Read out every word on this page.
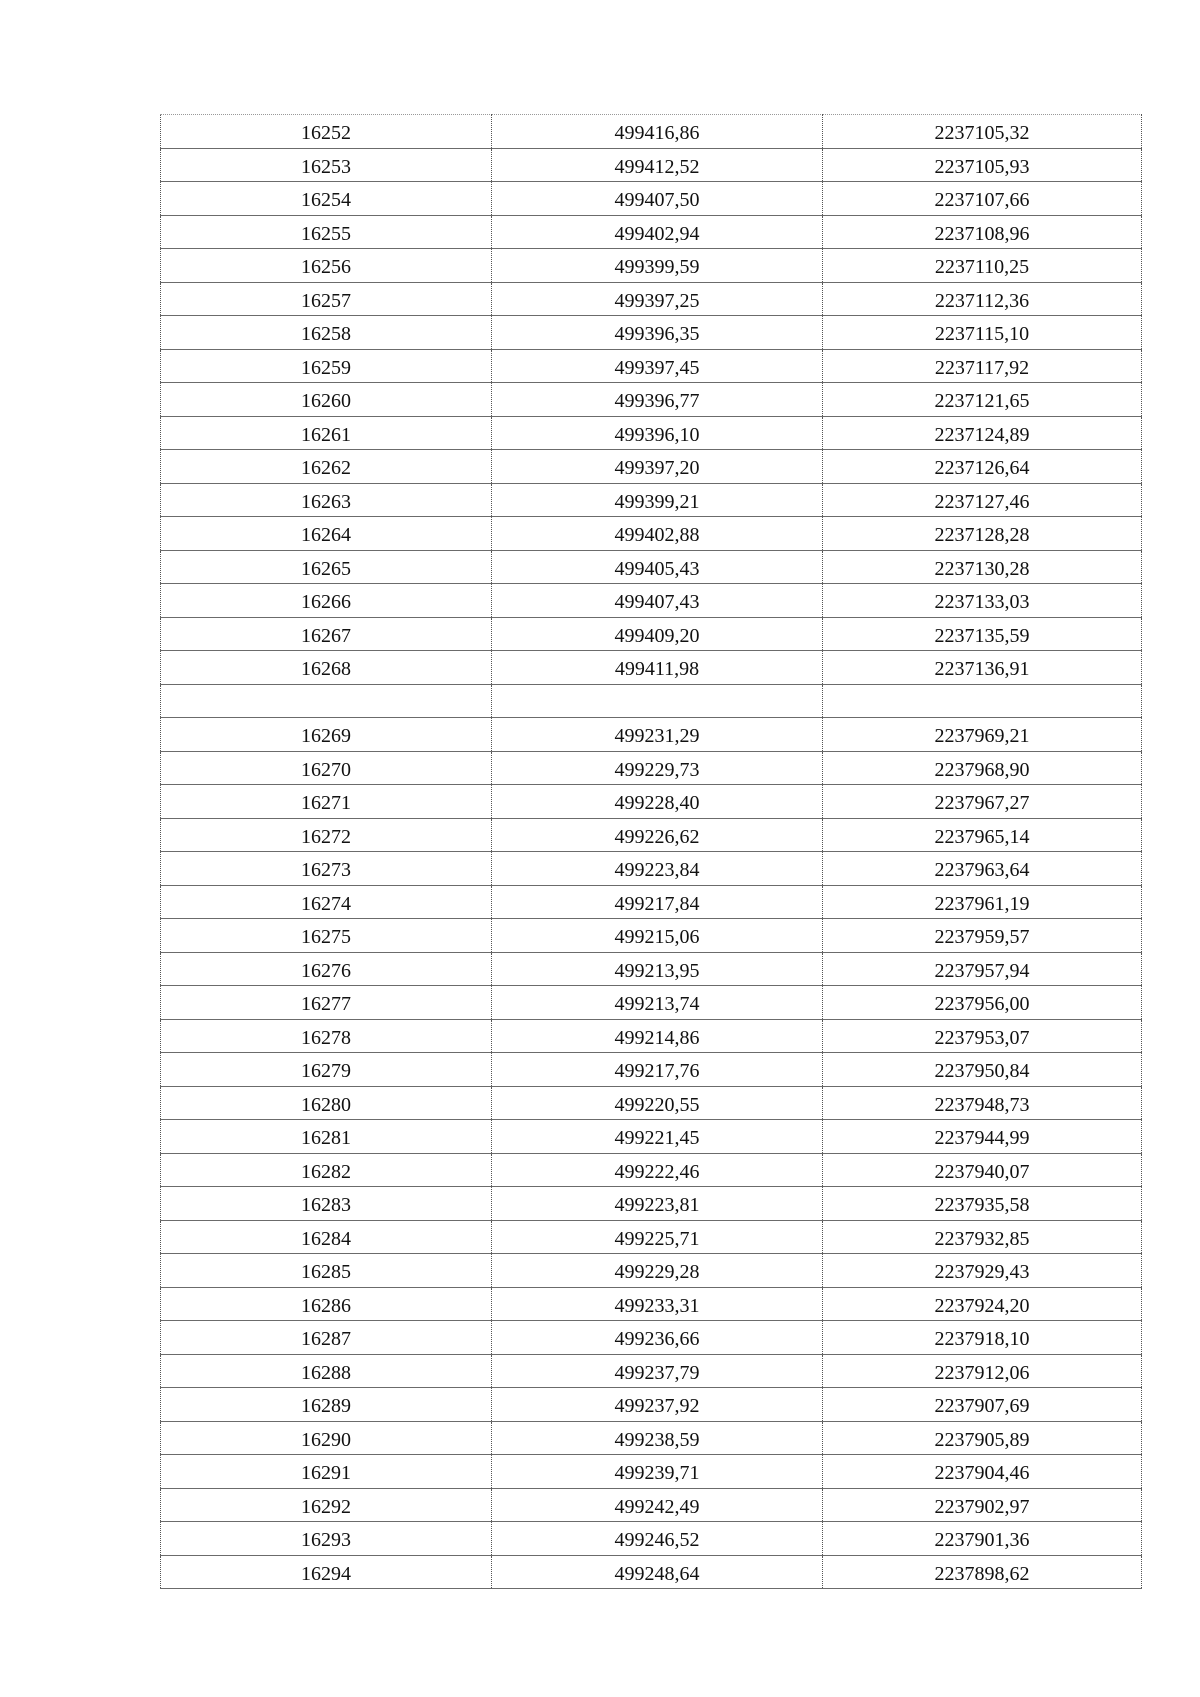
16252	499416,86	2237105,32
16253	499412,52	2237105,93
16254	499407,50	2237107,66
16255	499402,94	2237108,96
16256	499399,59	2237110,25
16257	499397,25	2237112,36
16258	499396,35	2237115,10
16259	499397,45	2237117,92
16260	499396,77	2237121,65
16261	499396,10	2237124,89
16262	499397,20	2237126,64
16263	499399,21	2237127,46
16264	499402,88	2237128,28
16265	499405,43	2237130,28
16266	499407,43	2237133,03
16267	499409,20	2237135,59
16268	499411,98	2237136,91

16269	499231,29	2237969,21
16270	499229,73	2237968,90
16271	499228,40	2237967,27
16272	499226,62	2237965,14
16273	499223,84	2237963,64
16274	499217,84	2237961,19
16275	499215,06	2237959,57
16276	499213,95	2237957,94
16277	499213,74	2237956,00
16278	499214,86	2237953,07
16279	499217,76	2237950,84
16280	499220,55	2237948,73
16281	499221,45	2237944,99
16282	499222,46	2237940,07
16283	499223,81	2237935,58
16284	499225,71	2237932,85
16285	499229,28	2237929,43
16286	499233,31	2237924,20
16287	499236,66	2237918,10
16288	499237,79	2237912,06
16289	499237,92	2237907,69
16290	499238,59	2237905,89
16291	499239,71	2237904,46
16292	499242,49	2237902,97
16293	499246,52	2237901,36
16294	499248,64	2237898,62
